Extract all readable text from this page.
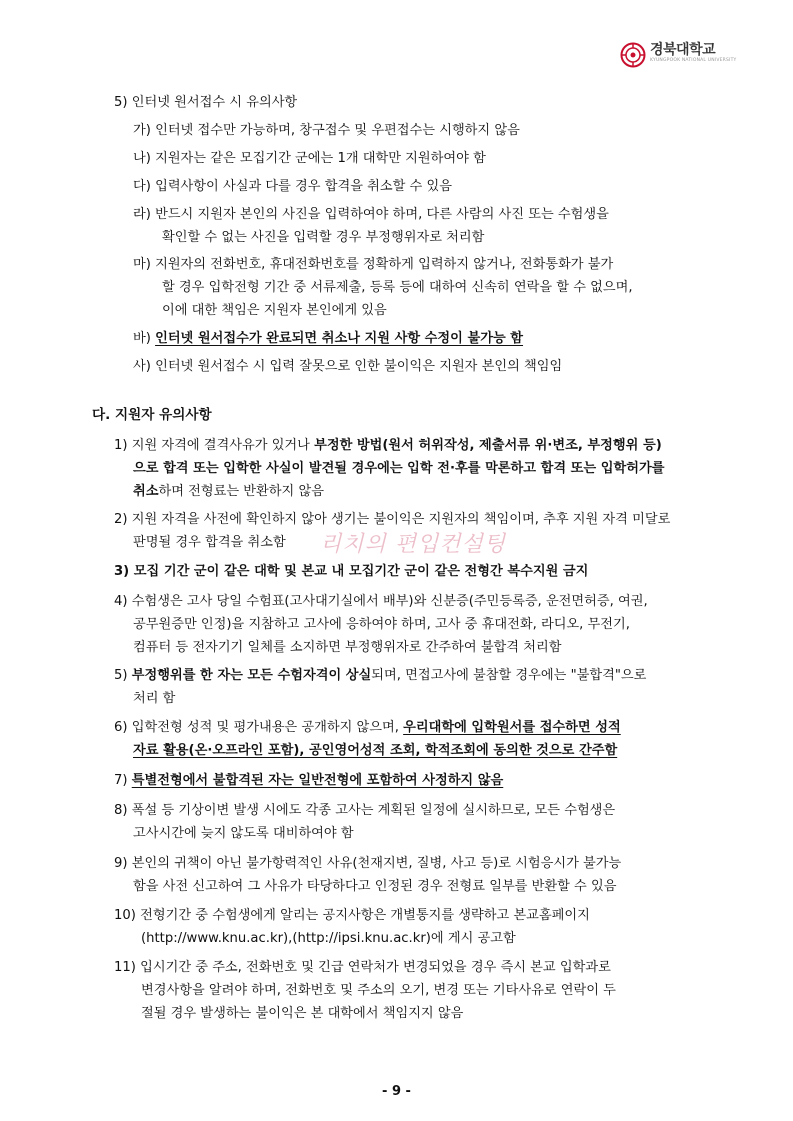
경북대학교
KYUNGPOOK NATIONAL UNIVERSITY
5) 인터넷 원서접수 시 유의사항
가) 인터넷 접수만 가능하며, 창구접수 및 우편접수는 시행하지 않음
나) 지원자는 같은 모집기간 군에는 1개 대학만 지원하여야 함
다) 입력사항이 사실과 다를 경우 합격을 취소할 수 있음
라) 반드시 지원자 본인의 사진을 입력하여야 하며, 다른 사람의 사진 또는 수험생을
확인할 수 없는 사진을 입력할 경우 부정행위자로 처리함
마) 지원자의 전화번호, 휴대전화번호를 정확하게 입력하지 않거나, 전화통화가 불가
할 경우 입학전형 기간 중 서류제출, 등록 등에 대하여 신속히 연락을 할 수 없으며,
이에 대한 책임은 지원자 본인에게 있음
바) 인터넷 원서접수가 완료되면 취소나 지원 사항 수정이 불가능 함
사) 인터넷 원서접수 시 입력 잘못으로 인한 불이익은 지원자 본인의 책임임
다. 지원자 유의사항
1) 지원 자격에 결격사유가 있거나 부정한 방법(원서 허위작성, 제출서류 위·변조, 부정행위 등)
으로 합격 또는 입학한 사실이 발견될 경우에는 입학 전·후를 막론하고 합격 또는 입학허가를
취소하며 전형료는 반환하지 않음
2) 지원 자격을 사전에 확인하지 않아 생기는 불이익은 지원자의 책임이며, 추후 지원 자격 미달로
판명될 경우 합격을 취소함
3) 모집 기간 군이 같은 대학 및 본교 내 모집기간 군이 같은 전형간 복수지원 금지
4) 수험생은 고사 당일 수험표(고사대기실에서 배부)와 신분증(주민등록증, 운전면허증, 여권,
공무원증만 인정)을 지참하고 고사에 응하여야 하며, 고사 중 휴대전화, 라디오, 무전기,
컴퓨터 등 전자기기 일체를 소지하면 부정행위자로 간주하여 불합격 처리함
5) 부정행위를 한 자는 모든 수험자격이 상실되며, 면접고사에 불참할 경우에는 "불합격"으로
처리 함
6) 입학전형 성적 및 평가내용은 공개하지 않으며, 우리대학에 입학원서를 접수하면 성적
자료 활용(온·오프라인 포함), 공인영어성적 조회, 학적조회에 동의한 것으로 간주함
7) 특별전형에서 불합격된 자는 일반전형에 포함하여 사정하지 않음
8) 폭설 등 기상이변 발생 시에도 각종 고사는 계획된 일정에 실시하므로, 모든 수험생은
고사시간에 늦지 않도록 대비하여야 함
9) 본인의 귀책이 아닌 불가항력적인 사유(천재지변, 질병, 사고 등)로 시험응시가 불가능
함을 사전 신고하여 그 사유가 타당하다고 인정된 경우 전형료 일부를 반환할 수 있음
10) 전형기간 중 수험생에게 알리는 공지사항은 개별통지를 생략하고 본교홈페이지
(http://www.knu.ac.kr),(http://ipsi.knu.ac.kr)에 게시 공고함
11) 입시기간 중 주소, 전화번호 및 긴급 연락처가 변경되었을 경우 즉시 본교 입학과로
변경사항을 알려야 하며, 전화번호 및 주소의 오기, 변경 또는 기타사유로 연락이 두
절될 경우 발생하는 불이익은 본 대학에서 책임지지 않음
리치의 편입컨설팅
- 9 -
